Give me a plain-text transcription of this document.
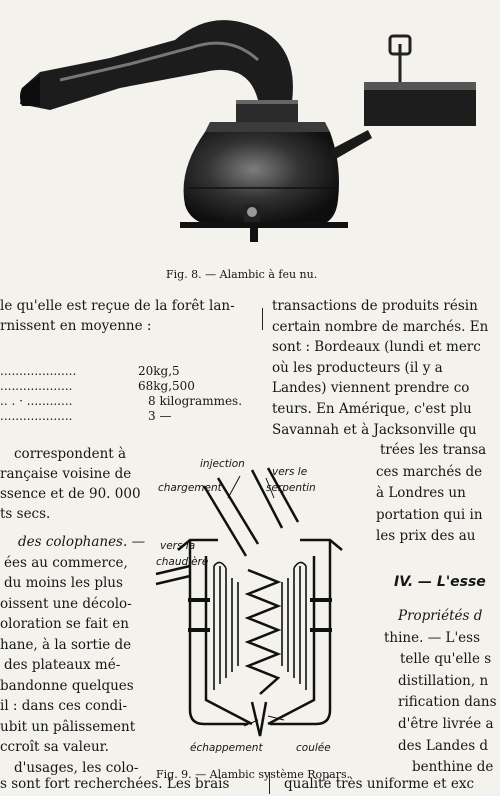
Fig. 8. — Alambic à feu nu.
le qu'elle est reçue de la forêt lan-
rnissent en moyenne :
....................	20kg,5
...................	68kg,500
.. . · ............	8 kilogrammes.
...................	3 —
correspondent à
rançaise voisine de
ssence et de 90. 000
ts secs.
des colophanes. —
ées au commerce,
du moins les plus
oissent une décolo-
oloration se fait en
hane, à la sortie de
des plateaux mé-
bandonne quelques
il : dans ces condi-
ubit un pâlissement
ccroît sa valeur.
d'usages, les colo-
s sont fort recherchées. Les brais
injection
chargement
vers le
serpentin
vers la
chaudière
échappement	coulée
Fig. 9. — Alambic système Ropars.
transactions de produits résin
certain nombre de marchés. En
sont : Bordeaux (lundi et merc
où les producteurs (il y a
Landes) viennent prendre co
teurs. En Amérique, c'est plu
Savannah et à Jacksonville qu
trées les transa
ces marchés de
à Londres un
portation qui in
les prix des au
IV. — L'esse
Propriétés d
thine. — L'ess
telle qu'elle s
distillation, n
rification dans
d'être livrée a
des Landes d
benthine de
qualité très uniforme et exc
